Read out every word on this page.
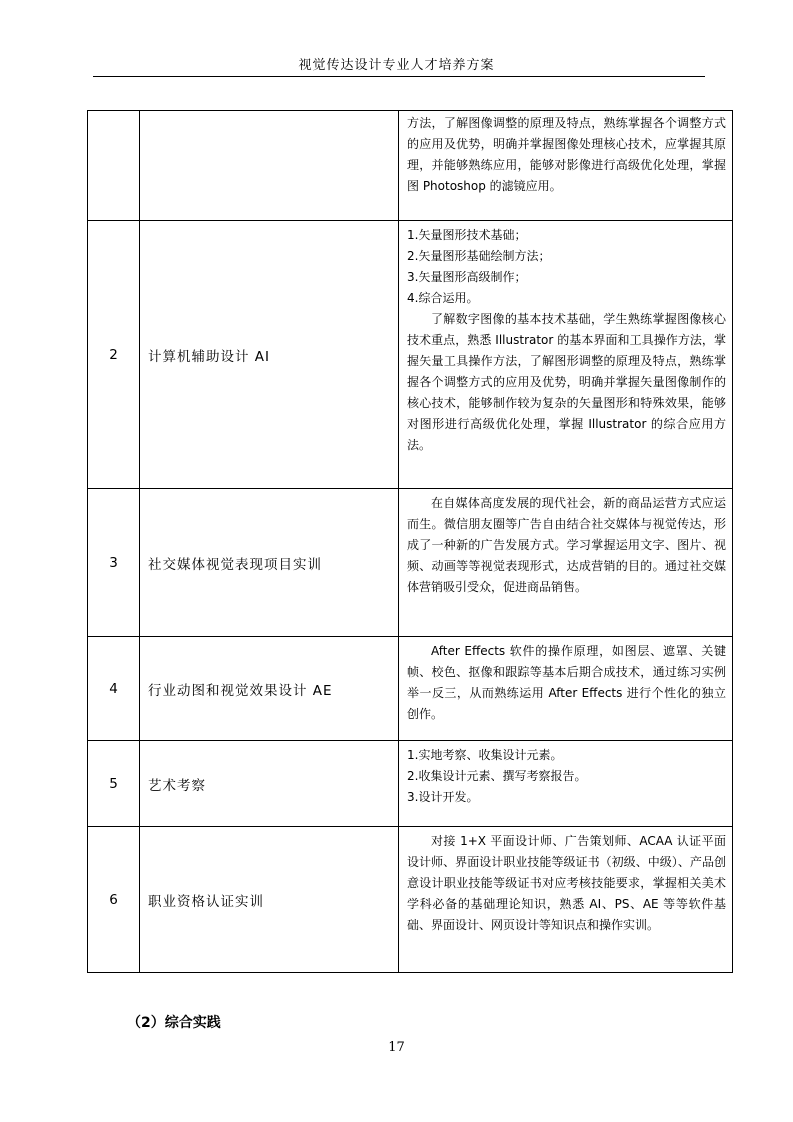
视觉传达设计专业人才培养方案

		方法，了解图像调整的原理及特点，熟练掌握各个调整方式的应用及优势，明确并掌握图像处理核心技术，应掌握其原理，并能够熟练应用，能够对影像进行高级优化处理，掌握图 Photoshop 的滤镜应用。

2	计算机辅助设计 AI	1.矢量图形技术基础；
2.矢量图形基础绘制方法；
3.矢量图形高级制作；
4.综合运用。
了解数字图像的基本技术基础，学生熟练掌握图像核心技术重点，熟悉 Illustrator 的基本界面和工具操作方法，掌握矢量工具操作方法，了解图形调整的原理及特点，熟练掌握各个调整方式的应用及优势，明确并掌握矢量图像制作的核心技术，能够制作较为复杂的矢量图形和特殊效果，能够对图形进行高级优化处理，掌握 Illustrator 的综合应用方法。

3	社交媒体视觉表现项目实训	在自媒体高度发展的现代社会，新的商品运营方式应运而生。微信朋友圈等广告自由结合社交媒体与视觉传达，形成了一种新的广告发展方式。学习掌握运用文字、图片、视频、动画等等视觉表现形式，达成营销的目的。通过社交媒体营销吸引受众，促进商品销售。

4	行业动图和视觉效果设计 AE	After Effects 软件的操作原理，如图层、遮罩、关键帧、校色、抠像和跟踪等基本后期合成技术，通过练习实例举一反三，从而熟练运用 After Effects 进行个性化的独立创作。

5	艺术考察	1.实地考察、收集设计元素。
2.收集设计元素、撰写考察报告。
3.设计开发。

6	职业资格认证实训	对接 1+X 平面设计师、广告策划师、ACAA 认证平面设计师、界面设计职业技能等级证书（初级、中级）、产品创意设计职业技能等级证书对应考核技能要求，掌握相关美术学科必备的基础理论知识，熟悉 AI、PS、AE 等等软件基础、界面设计、网页设计等知识点和操作实训。
（2）综合实践
17
